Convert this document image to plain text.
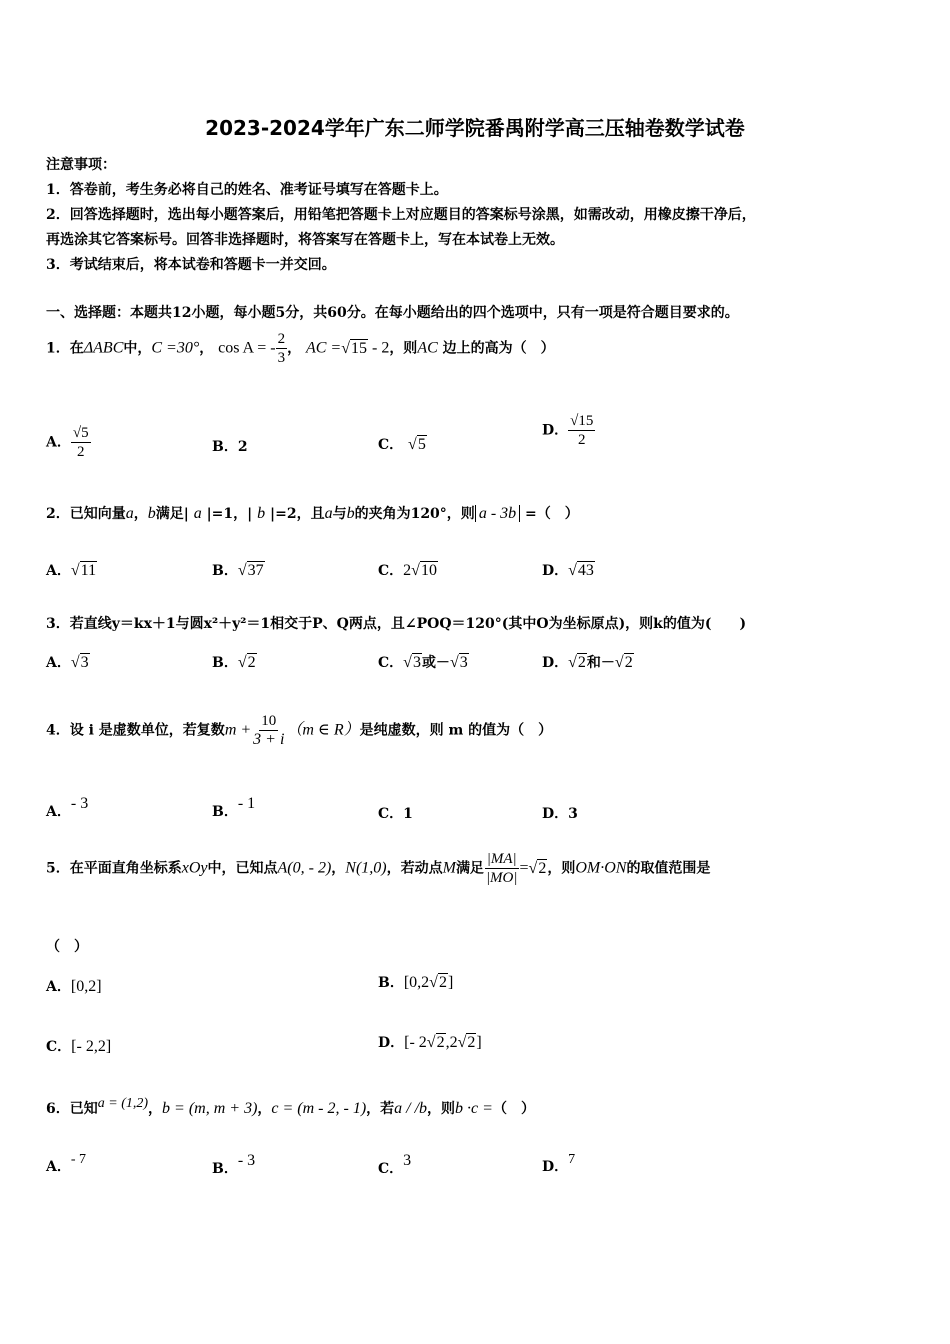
2023-2024学年广东二师学院番禺附学高三压轴卷数学试卷
注意事项：
1．答卷前，考生务必将自己的姓名、准考证号填写在答题卡上。
2．回答选择题时，选出每小题答案后，用铅笔把答题卡上对应题目的答案标号涂黑，如需改动，用橡皮擦干净后，
再选涂其它答案标号。回答非选择题时，将答案写在答题卡上，写在本试卷上无效。
3．考试结束后，将本试卷和答题卡一并交回。
一、选择题：本题共12小题，每小题5分，共60分。在每小题给出的四个选项中，只有一项是符合题目要求的。
1．在ΔABC中，C =30°， cos A = - $\frac{2}{3}$ ， AC =√15 - 2，则AC 边上的高为（　）
A． $\frac{√5}{2}$	B．2	C． √5
D． $\frac{√15}{2}$
2．已知向量a，b满足| a |=1，| b |=2，且a与b的夹角为120°，则 a - 3b =（　）
A．√11	B．√37	C．2√10	D．√43
3．若直线y＝kx＋1与圆x²＋y²＝1相交于P、Q两点，且∠POQ＝120°(其中O为坐标原点)，则k的值为(　　)
A．√3	B．√2	C．√3或－√3	D．√2和－√2
4．设 i 是虚数单位，若复数$m + \frac{10}{3 + i} (m$ ∈ R）是纯虚数，则 m 的值为（　）
A．- 3	B．- 1
C．1	D．3
5．在平面直角坐标系xOy中，已知点A(0, - 2)，N(1,0)，若动点M满足 $\frac{|MA|}{|MO|} =√2$，则OM·ON的取值范围是
（　）
A．[0,2]	B．[0,2√2]
C．[- 2,2]	D．[- 2√2,2√2]
6．已知a = (1,2)，b = (m, m + 3)，c = (m - 2, - 1)，若a / /b，则b ·c =（　）
A．- 7
B．- 3	C．3	D．7
